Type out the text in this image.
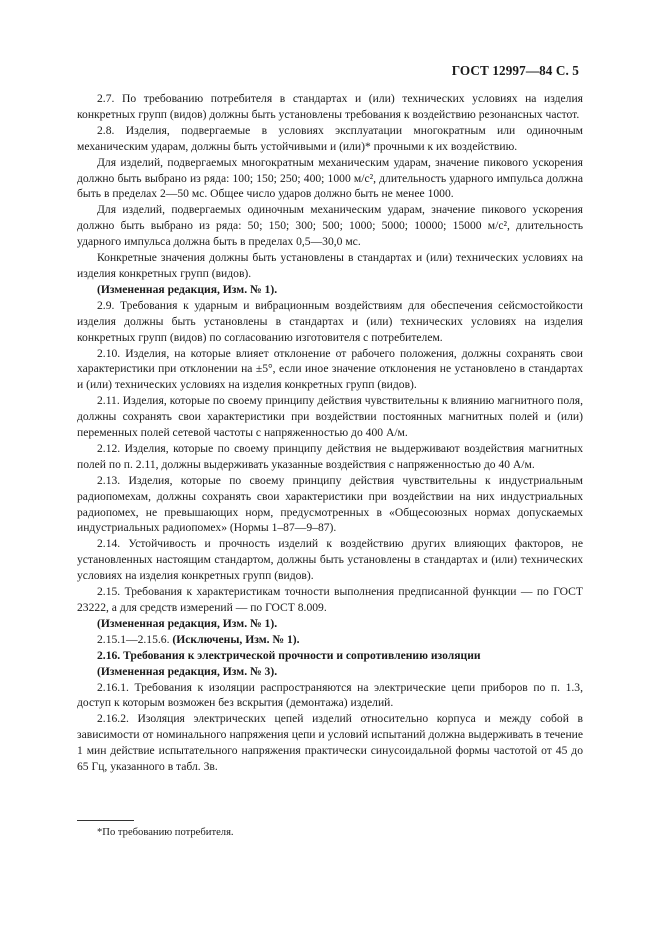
ГОСТ 12997—84 С. 5

2.7. По требованию потребителя в стандартах и (или) технических условиях на изделия конкретных групп (видов) должны быть установлены требования к воздействию резонансных частот.

2.8. Изделия, подвергаемые в условиях эксплуатации многократным или одиночным механическим ударам, должны быть устойчивыми и (или)* прочными к их воздействию.

Для изделий, подвергаемых многократным механическим ударам, значение пикового ускорения должно быть выбрано из ряда: 100; 150; 250; 400; 1000 м/с², длительность ударного импульса должна быть в пределах 2—50 мс. Общее число ударов должно быть не менее 1000.

Для изделий, подвергаемых одиночным механическим ударам, значение пикового ускорения должно быть выбрано из ряда: 50; 150; 300; 500; 1000; 5000; 10000; 15000 м/с², длительность ударного импульса должна быть в пределах 0,5—30,0 мс.

Конкретные значения должны быть установлены в стандартах и (или) технических условиях на изделия конкретных групп (видов).

(Измененная редакция, Изм. № 1).

2.9. Требования к ударным и вибрационным воздействиям для обеспечения сейсмостойкости изделия должны быть установлены в стандартах и (или) технических условиях на изделия конкретных групп (видов) по согласованию изготовителя с потребителем.

2.10. Изделия, на которые влияет отклонение от рабочего положения, должны сохранять свои характеристики при отклонении на ±5°, если иное значение отклонения не установлено в стандартах и (или) технических условиях на изделия конкретных групп (видов).

2.11. Изделия, которые по своему принципу действия чувствительны к влиянию магнитного поля, должны сохранять свои характеристики при воздействии постоянных магнитных полей и (или) переменных полей сетевой частоты с напряженностью до 400 А/м.

2.12. Изделия, которые по своему принципу действия не выдерживают воздействия магнитных полей по п. 2.11, должны выдерживать указанные воздействия с напряженностью до 40 А/м.

2.13. Изделия, которые по своему принципу действия чувствительны к индустриальным радиопомехам, должны сохранять свои характеристики при воздействии на них индустриальных радиопомех, не превышающих норм, предусмотренных в «Общесоюзных нормах допускаемых индустриальных радиопомех» (Нормы 1–87—9–87).

2.14. Устойчивость и прочность изделий к воздействию других влияющих факторов, не установленных настоящим стандартом, должны быть установлены в стандартах и (или) технических условиях на изделия конкретных групп (видов).

2.15. Требования к характеристикам точности выполнения предписанной функции — по ГОСТ 23222, а для средств измерений — по ГОСТ 8.009.

(Измененная редакция, Изм. № 1).

2.15.1—2.15.6. (Исключены, Изм. № 1).

2.16. Требования к электрической прочности и сопротивлению изоляции

(Измененная редакция, Изм. № 3).

2.16.1. Требования к изоляции распространяются на электрические цепи приборов по п. 1.3, доступ к которым возможен без вскрытия (демонтажа) изделий.

2.16.2. Изоляция электрических цепей изделий относительно корпуса и между собой в зависимости от номинального напряжения цепи и условий испытаний должна выдерживать в течение 1 мин действие испытательного напряжения практически синусоидальной формы частотой от 45 до 65 Гц, указанного в табл. 3в.

*По требованию потребителя.
